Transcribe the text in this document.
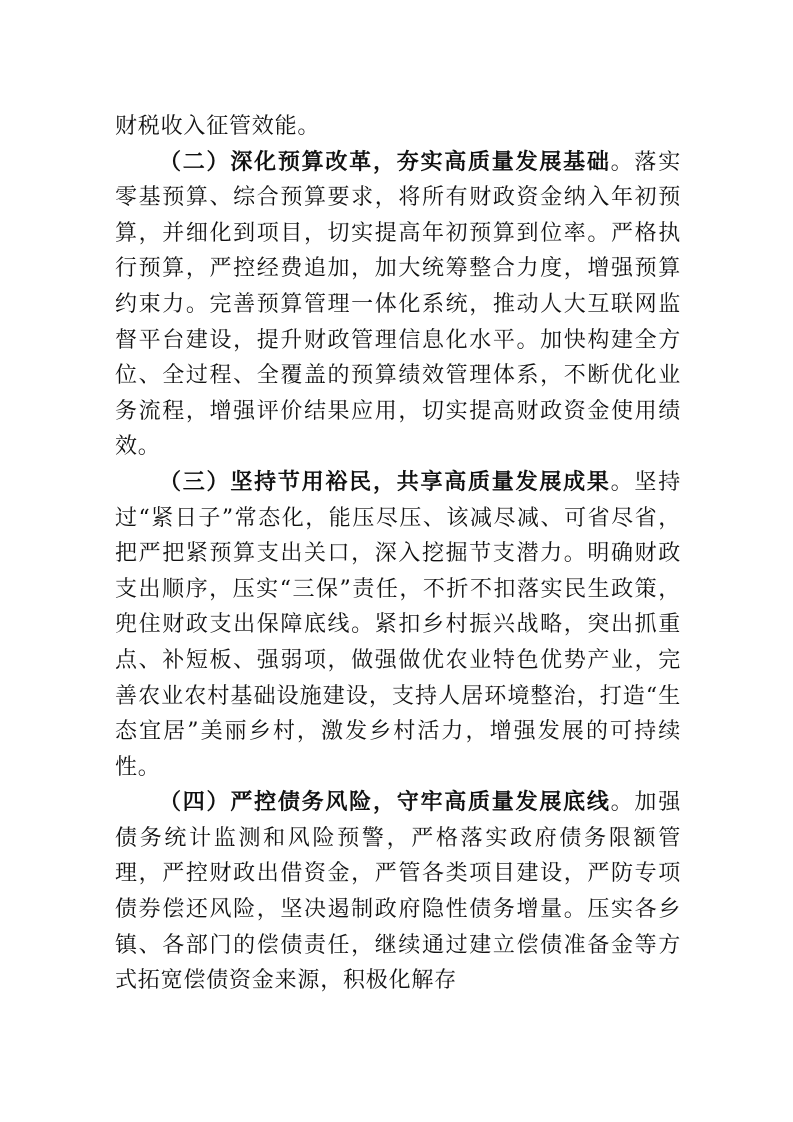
财税收入征管效能。

（二）深化预算改革，夯实高质量发展基础。落实零基预算、综合预算要求，将所有财政资金纳入年初预算，并细化到项目，切实提高年初预算到位率。严格执行预算，严控经费追加，加大统筹整合力度，增强预算约束力。完善预算管理一体化系统，推动人大互联网监督平台建设，提升财政管理信息化水平。加快构建全方位、全过程、全覆盖的预算绩效管理体系，不断优化业务流程，增强评价结果应用，切实提高财政资金使用绩效。

（三）坚持节用裕民，共享高质量发展成果。坚持过“紧日子”常态化，能压尽压、该减尽减、可省尽省，把严把紧预算支出关口，深入挖掘节支潜力。明确财政支出顺序，压实“三保”责任，不折不扣落实民生政策，兜住财政支出保障底线。紧扣乡村振兴战略，突出抓重点、补短板、强弱项，做强做优农业特色优势产业，完善农业农村基础设施建设，支持人居环境整治，打造“生态宜居”美丽乡村，激发乡村活力，增强发展的可持续性。

（四）严控债务风险，守牢高质量发展底线。加强债务统计监测和风险预警，严格落实政府债务限额管理，严控财政出借资金，严管各类项目建设，严防专项债券偿还风险，坚决遏制政府隐性债务增量。压实各乡镇、各部门的偿债责任，继续通过建立偿债准备金等方式拓宽偿债资金来源，积极化解存
